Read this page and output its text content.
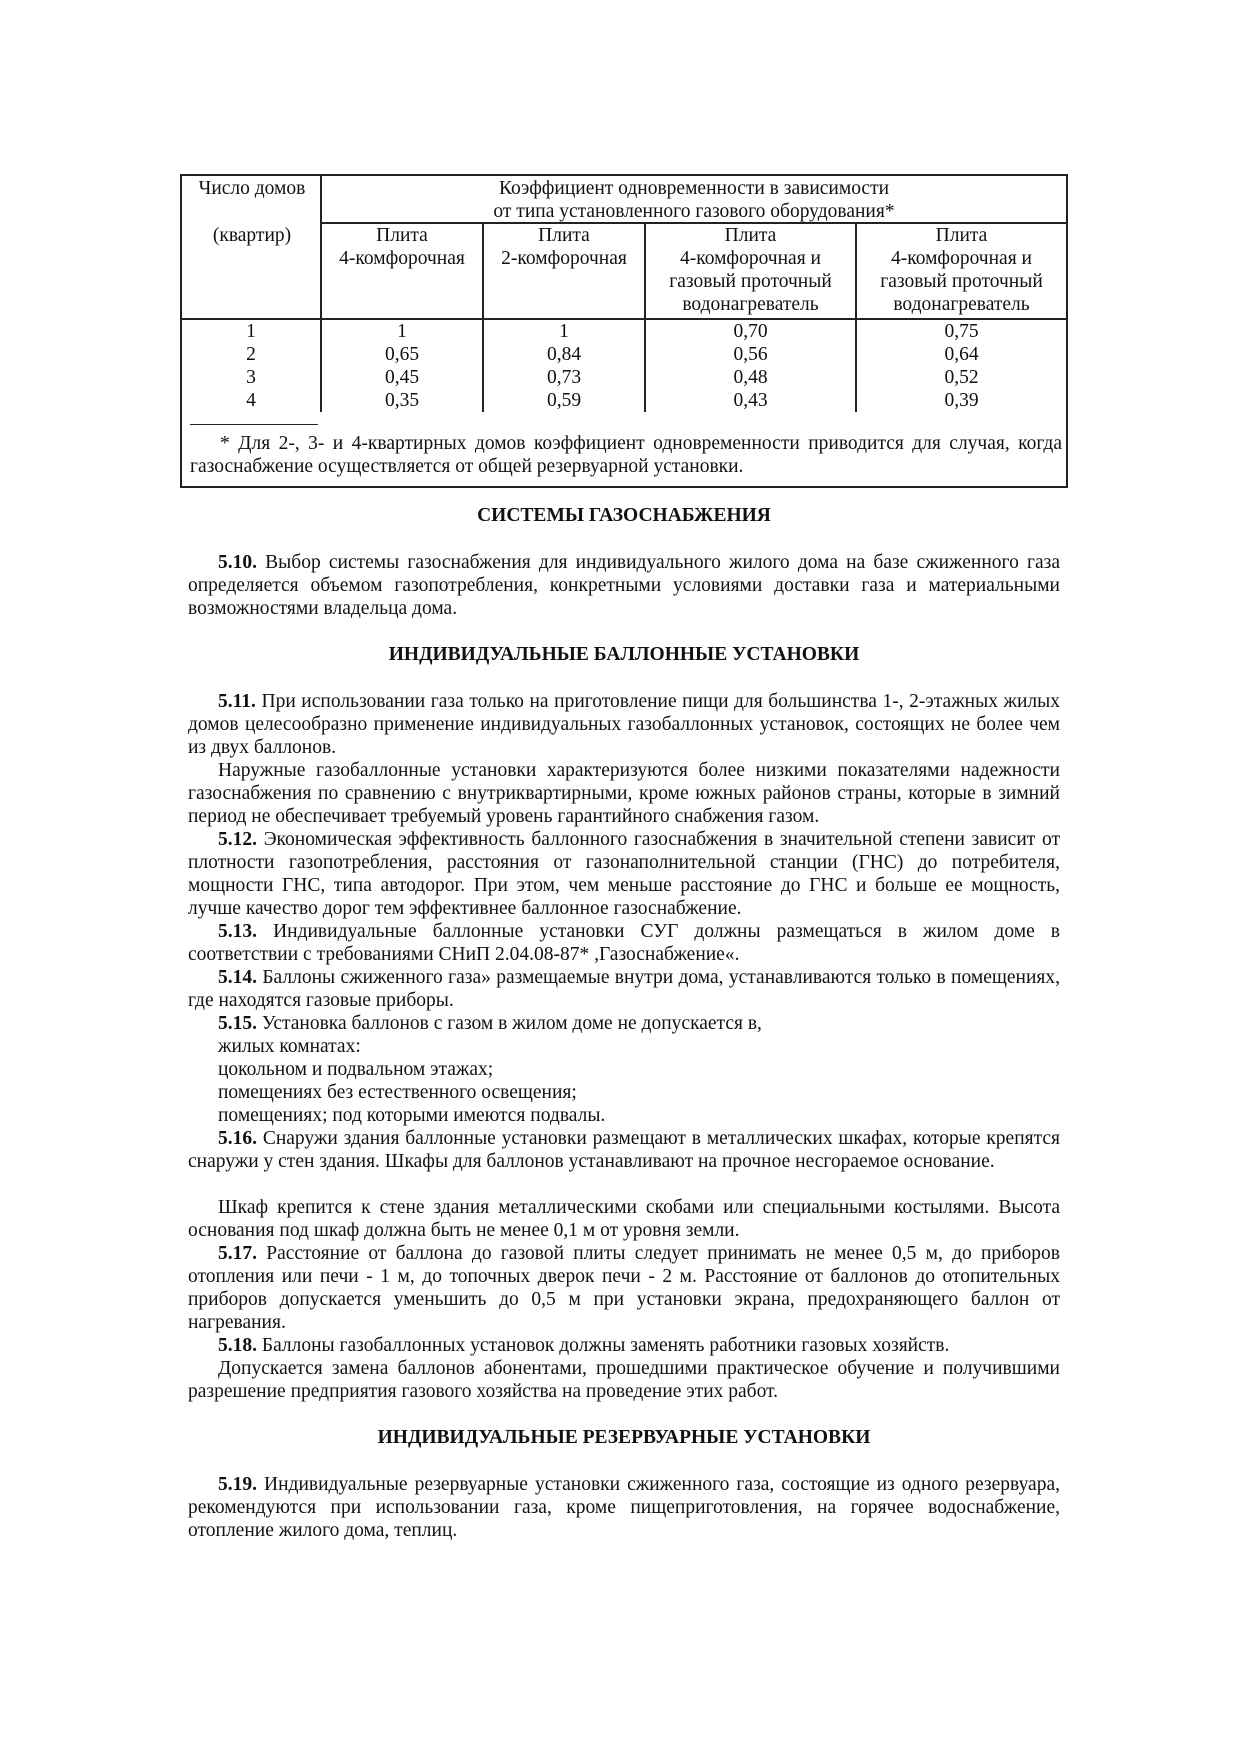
Число домов
(квартир)
Коэффициент одновременности в зависимости
от типа установленного газового оборудования*
Плита
4-комфорочная
Плита
2-комфорочная
Плита
4-комфорочная и
газовый проточный
водонагреватель
Плита
4-комфорочная и
газовый проточный
водонагреватель
1
2
3
4
1
0,65
0,45
0,35
1
0,84
0,73
0,59
0,70
0,56
0,48
0,43
0,75
0,64
0,52
0,39
* Для 2-, 3- и 4-квартирных домов коэффициент одновременности приводится для случая, когда газоснабжение осуществляется от общей резервуарной установки.
СИСТЕМЫ ГАЗОСНАБЖЕНИЯ
5.10. Выбор системы газоснабжения для индивидуального жилого дома на базе сжиженного газа определяется объемом газопотребления, конкретными условиями доставки газа и материальными возможностями владельца дома.
ИНДИВИДУАЛЬНЫЕ БАЛЛОННЫЕ УСТАНОВКИ
5.11. При использовании газа только на приготовление пищи для большинства 1-, 2-этажных жилых домов целесообразно применение индивидуальных газобаллонных установок, состоящих не более чем из двух баллонов.
Наружные газобаллонные установки характеризуются более низкими показателями надежности газоснабжения по сравнению с внутриквартирными, кроме южных районов страны, которые в зимний период не обеспечивает требуемый уровень гарантийного снабжения газом.
5.12. Экономическая эффективность баллонного газоснабжения в значительной степени зависит от плотности газопотребления, расстояния от газонаполнительной станции (ГНС) до потребителя, мощности ГНС, типа автодорог. При этом, чем меньше расстояние до ГНС и больше ее мощность, лучше качество дорог тем эффективнее баллонное газоснабжение.
5.13. Индивидуальные баллонные установки СУГ должны размещаться в жилом доме в соответствии с требованиями СНиП 2.04.08-87* ,Газоснабжение«.
5.14. Баллоны сжиженного газа» размещаемые внутри дома, устанавливаются только в помещениях, где находятся газовые приборы.
5.15. Установка баллонов с газом в жилом доме не допускается в,
жилых комнатах:
цокольном и подвальном этажах;
помещениях без естественного освещения;
помещениях; под которыми имеются подвалы.
5.16. Снаружи здания баллонные установки размещают в металлических шкафах, которые крепятся снаружи у стен здания. Шкафы для баллонов устанавливают на прочное несгораемое основание.
Шкаф крепится к стене здания металлическими скобами или специальными костылями. Высота основания под шкаф должна быть не менее 0,1 м от уровня земли.
5.17. Расстояние от баллона до газовой плиты следует принимать не менее 0,5 м, до приборов отопления или печи - 1 м, до топочных дверок печи - 2 м. Расстояние от баллонов до отопительных приборов допускается уменьшить до 0,5 м при установки экрана, предохраняющего баллон от нагревания.
5.18. Баллоны газобаллонных установок должны заменять работники газовых хозяйств.
Допускается замена баллонов абонентами, прошедшими практическое обучение и получившими разрешение предприятия газового хозяйства на проведение этих работ.
ИНДИВИДУАЛЬНЫЕ РЕЗЕРВУАРНЫЕ УСТАНОВКИ
5.19. Индивидуальные резервуарные установки сжиженного газа, состоящие из одного резервуара, рекомендуются при использовании газа, кроме пищеприготовления, на горячее водоснабжение, отопление жилого дома, теплиц.
